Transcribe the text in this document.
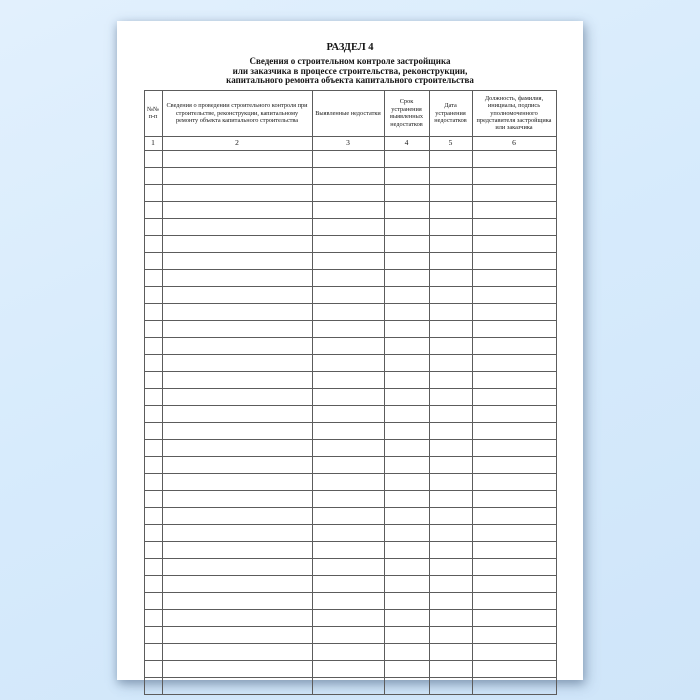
РАЗДЕЛ 4
Сведения о строительном контроле застройщика
или заказчика в процессе строительства, реконструкции,
капитального ремонта объекта капитального строительства
№№ п-п	Сведения о проведении строительного контроля при строительстве, реконструкции, капитальному ремонту объекта капитального строительства	Выявленные недостатки	Срок устранения выявленных недостатков	Дата устранения недостатков	Должность, фамилия, инициалы, подпись уполномоченного представителя застройщика или заказчика
1	2	3	4	5	6
